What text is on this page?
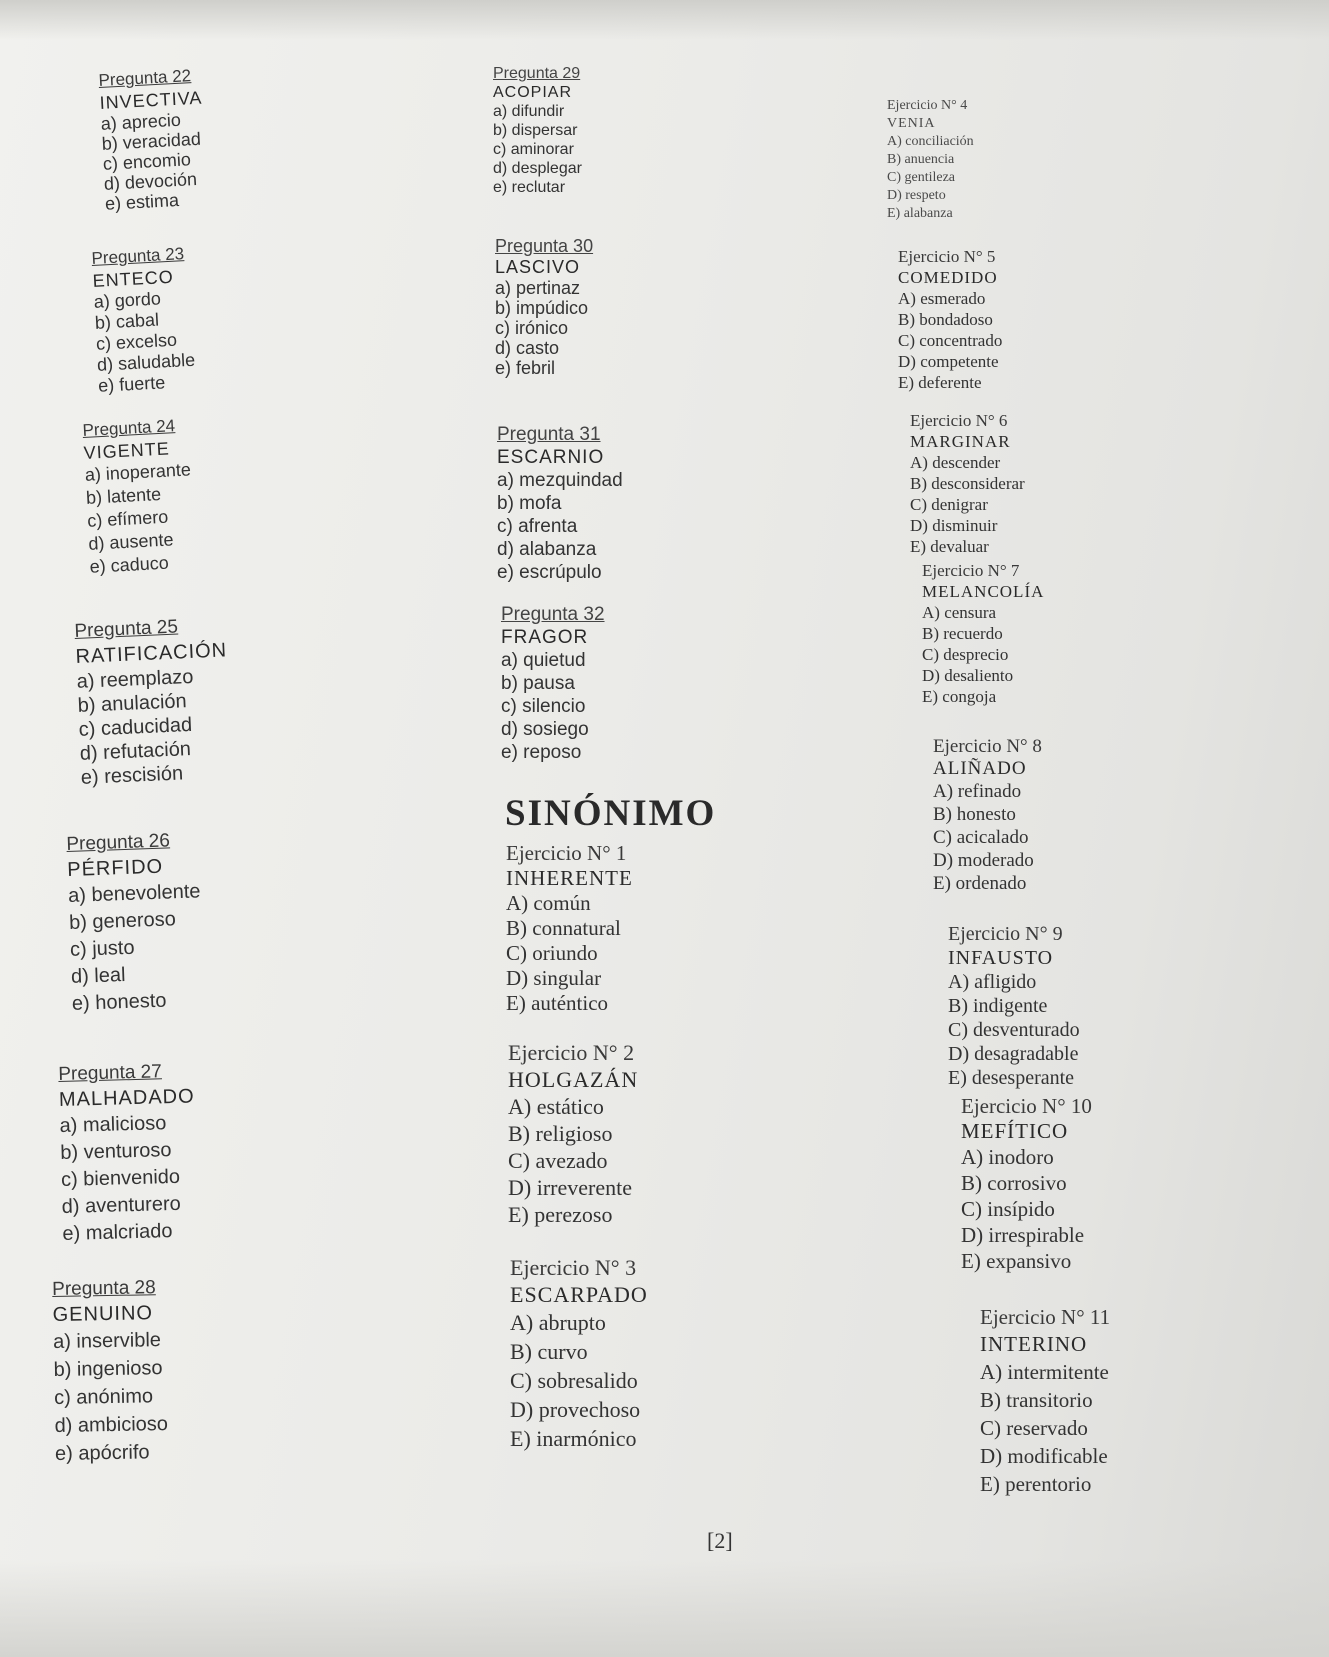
Pregunta 22
INVECTIVA
a) aprecio
b) veracidad
c) encomio
d) devoción
e) estima
Pregunta 23
ENTECO
a) gordo
b) cabal
c) excelso
d) saludable
e) fuerte
Pregunta 24
VIGENTE
a) inoperante
b) latente
c) efímero
d) ausente
e) caduco
Pregunta 25
RATIFICACIÓN
a) reemplazo
b) anulación
c) caducidad
d) refutación
e) rescisión
Pregunta 26
PÉRFIDO
a) benevolente
b) generoso
c) justo
d) leal
e) honesto
Pregunta 27
MALHADADO
a) malicioso
b) venturoso
c) bienvenido
d) aventurero
e) malcriado
Pregunta 28
GENUINO
a) inservible
b) ingenioso
c) anónimo
d) ambicioso
e) apócrifo
Pregunta 29
ACOPIAR
a) difundir
b) dispersar
c) aminorar
d) desplegar
e) reclutar
Pregunta 30
LASCIVO
a) pertinaz
b) impúdico
c) irónico
d) casto
e) febril
Pregunta 31
ESCARNIO
a) mezquindad
b) mofa
c) afrenta
d) alabanza
e) escrúpulo
Pregunta 32
FRAGOR
a) quietud
b) pausa
c) silencio
d) sosiego
e) reposo
SINÓNIMO
Ejercicio N° 1
INHERENTE
A) común
B) connatural
C) oriundo
D) singular
E) auténtico
Ejercicio N° 2
HOLGAZÁN
A) estático
B) religioso
C) avezado
D) irreverente
E) perezoso
Ejercicio N° 3
ESCARPADO
A) abrupto
B) curvo
C) sobresalido
D) provechoso
E) inarmónico
Ejercicio N° 4
VENIA
A) conciliación
B) anuencia
C) gentileza
D) respeto
E) alabanza
Ejercicio N° 5
COMEDIDO
A) esmerado
B) bondadoso
C) concentrado
D) competente
E) deferente
Ejercicio N° 6
MARGINAR
A) descender
B) desconsiderar
C) denigrar
D) disminuir
E) devaluar
Ejercicio N° 7
MELANCOLÍA
A) censura
B) recuerdo
C) desprecio
D) desaliento
E) congoja
Ejercicio N° 8
ALIÑADO
A) refinado
B) honesto
C) acicalado
D) moderado
E) ordenado
Ejercicio N° 9
INFAUSTO
A) afligido
B) indigente
C) desventurado
D) desagradable
E) desesperante
Ejercicio N° 10
MEFÍTICO
A) inodoro
B) corrosivo
C) insípido
D) irrespirable
E) expansivo
Ejercicio N° 11
INTERINO
A) intermitente
B) transitorio
C) reservado
D) modificable
E) perentorio
[2]
